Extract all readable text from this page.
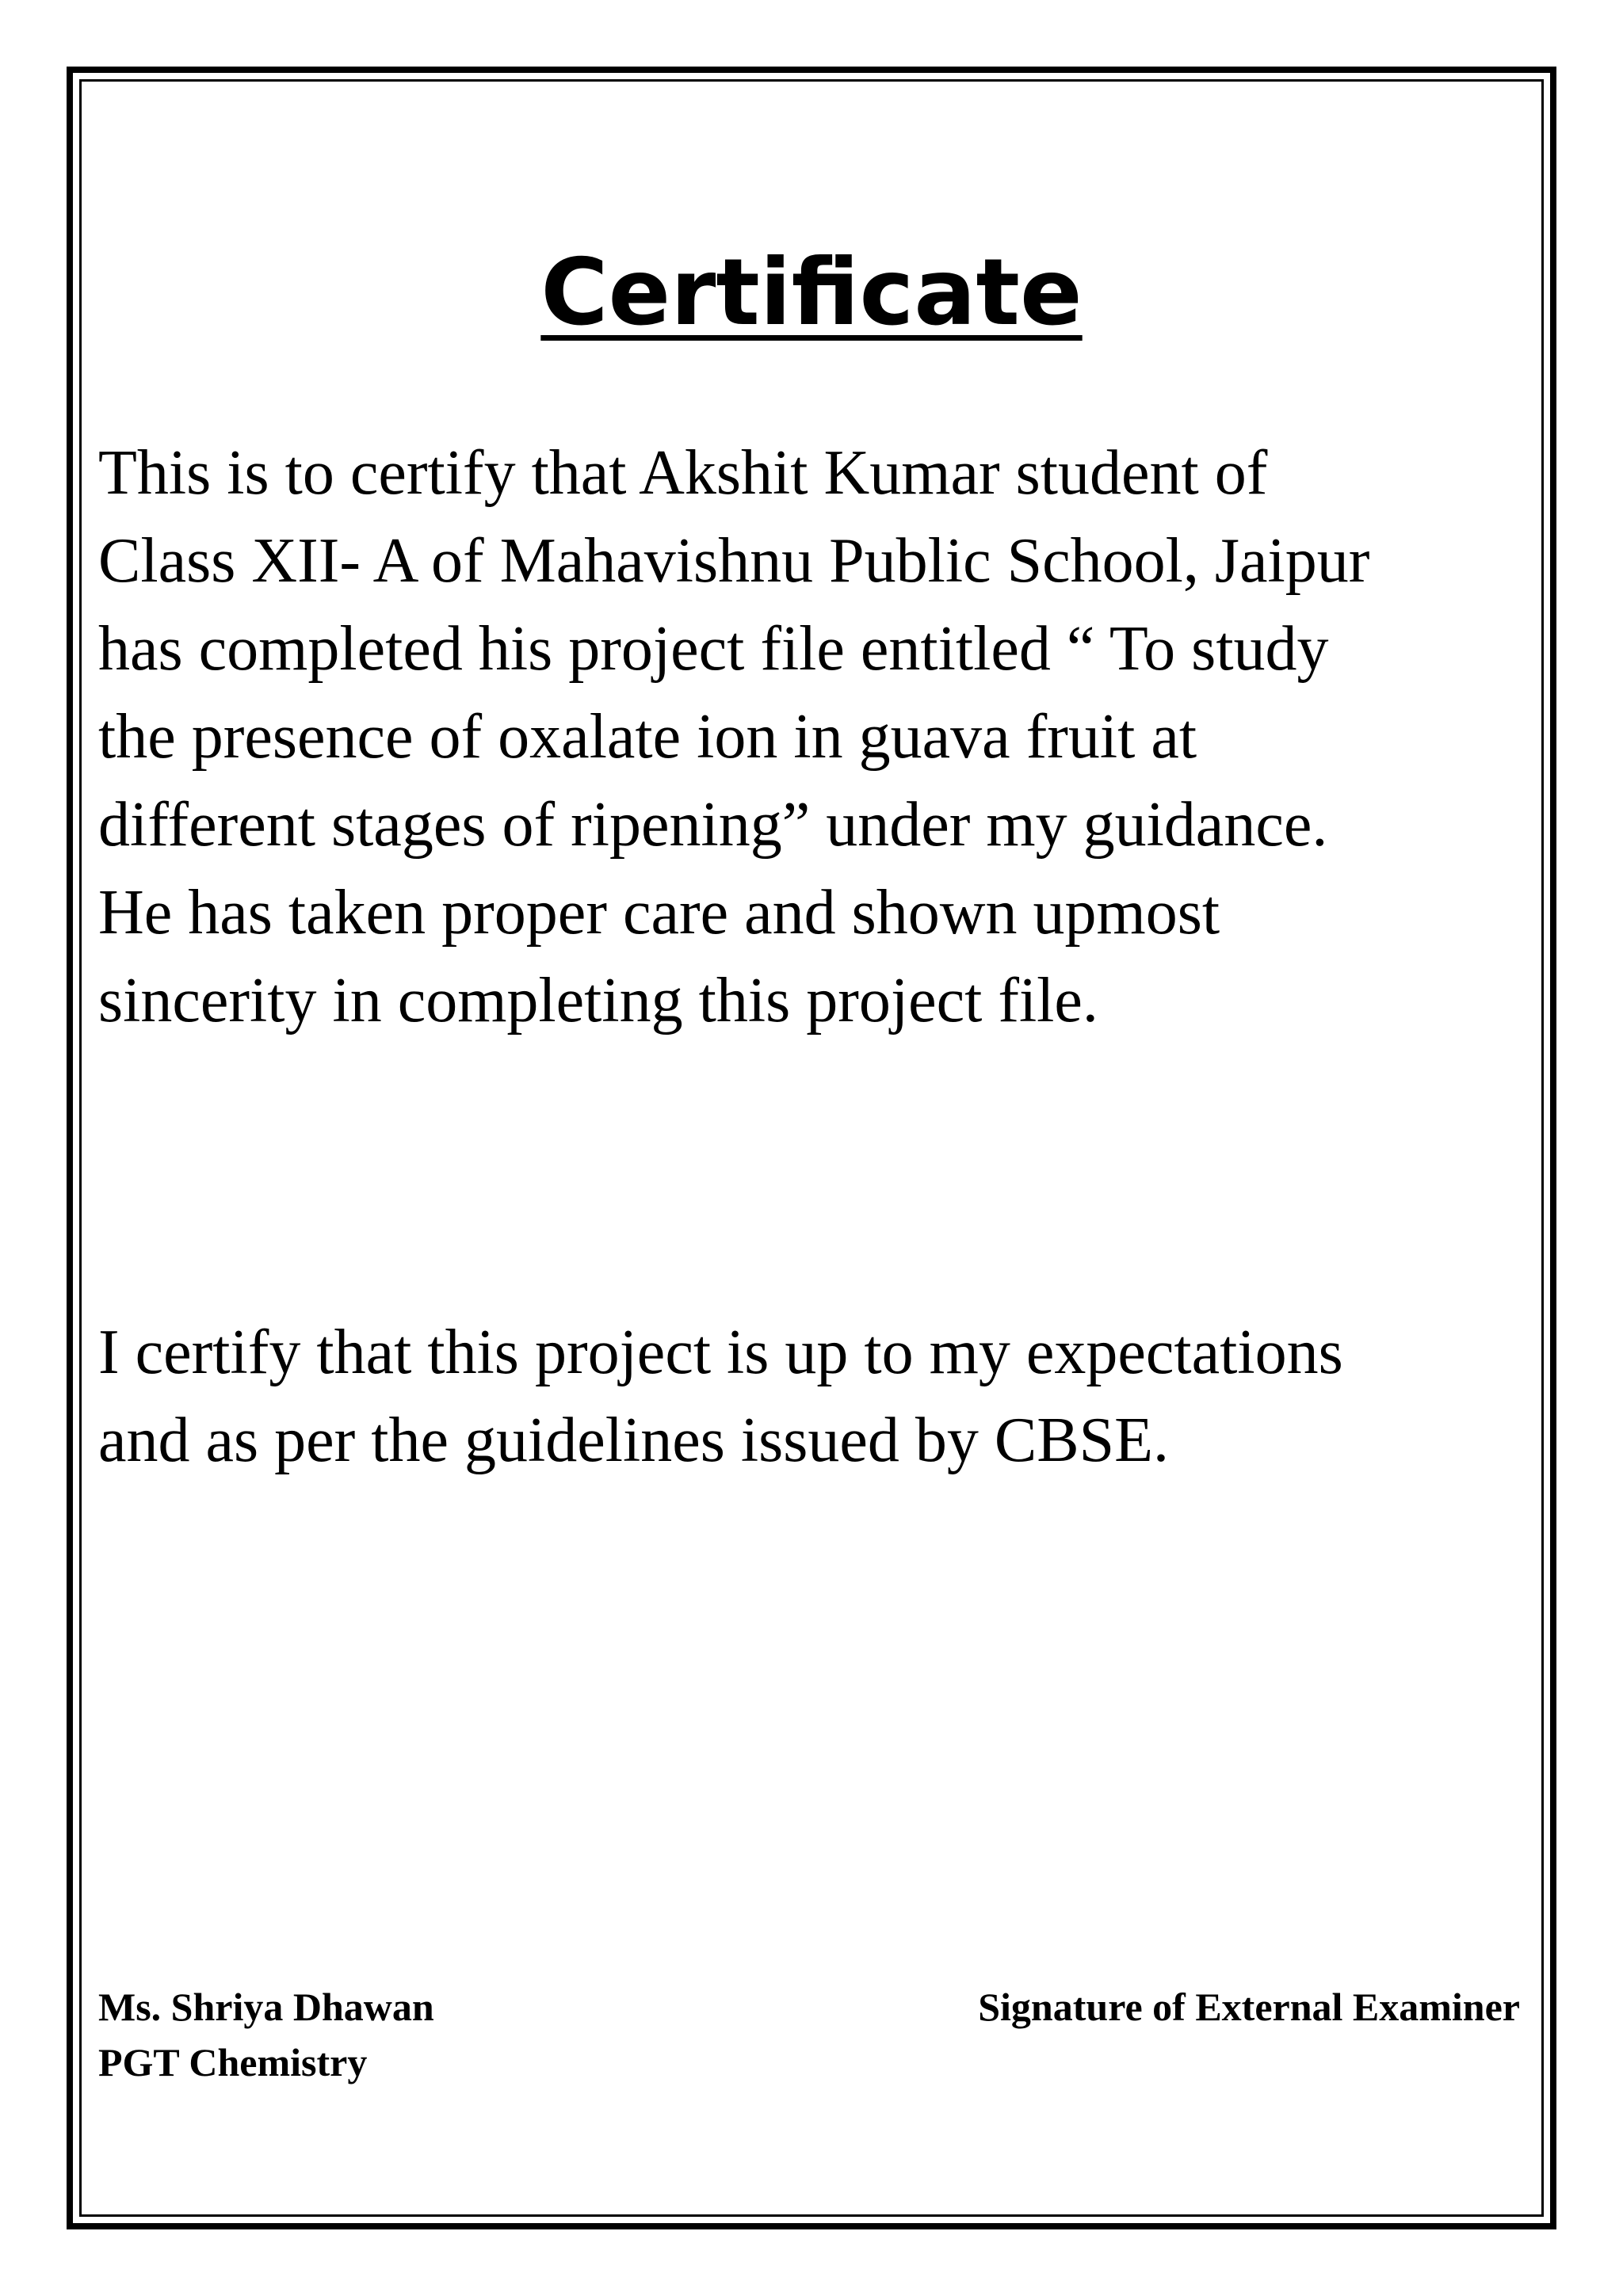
Certificate

This is to certify that Akshit Kumar student of
Class XII- A of Mahavishnu Public School, Jaipur
has completed his project file entitled “ To study
the presence of oxalate ion in guava fruit at
different stages of ripening” under my guidance.
He has taken proper care and shown upmost
sincerity in completing this project file.

I certify that this project is up to my expectations
and as per the guidelines issued by CBSE.

Ms. Shriya Dhawan
PGT Chemistry
Signature of External Examiner
